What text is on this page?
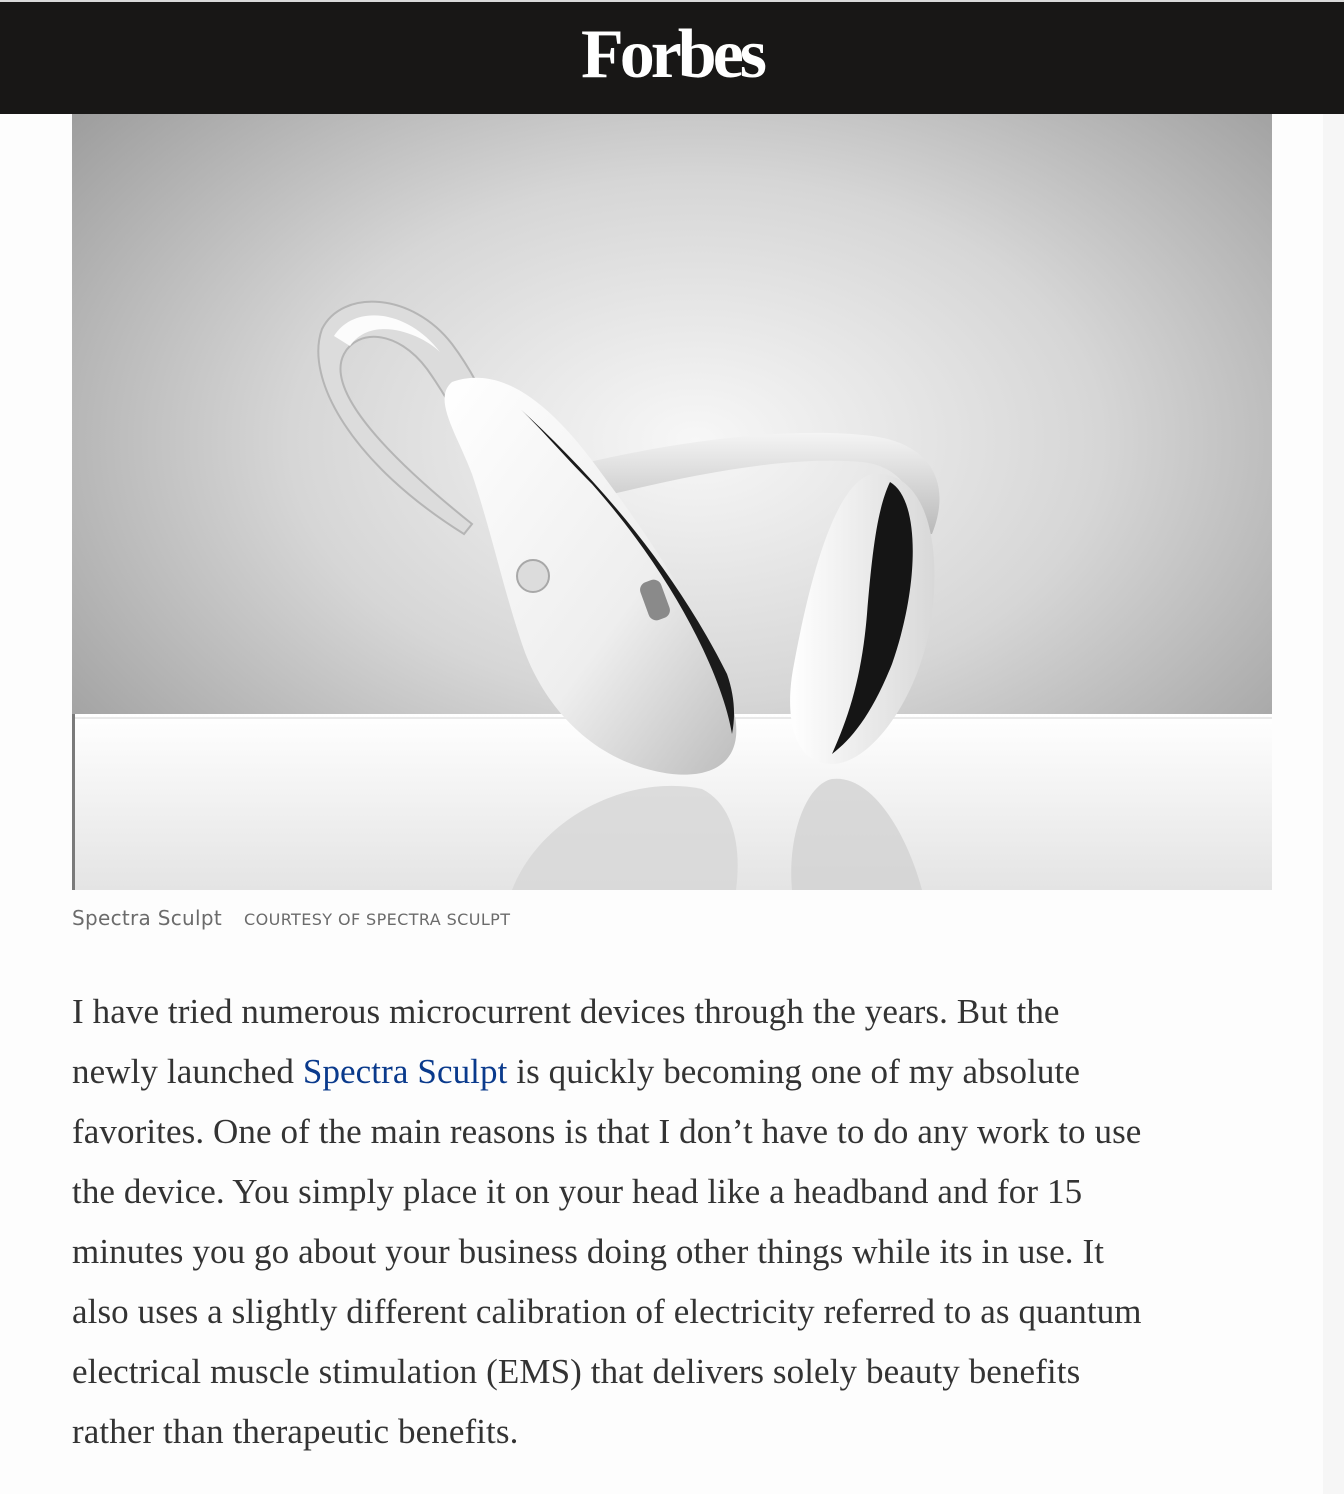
Forbes
Spectra Sculpt COURTESY OF SPECTRA SCULPT

I have tried numerous microcurrent devices through the years. But the
newly launched Spectra Sculpt is quickly becoming one of my absolute
favorites. One of the main reasons is that I don’t have to do any work to use
the device. You simply place it on your head like a headband and for 15
minutes you go about your business doing other things while its in use. It
also uses a slightly different calibration of electricity referred to as quantum
electrical muscle stimulation (EMS) that delivers solely beauty benefits
rather than therapeutic benefits.
